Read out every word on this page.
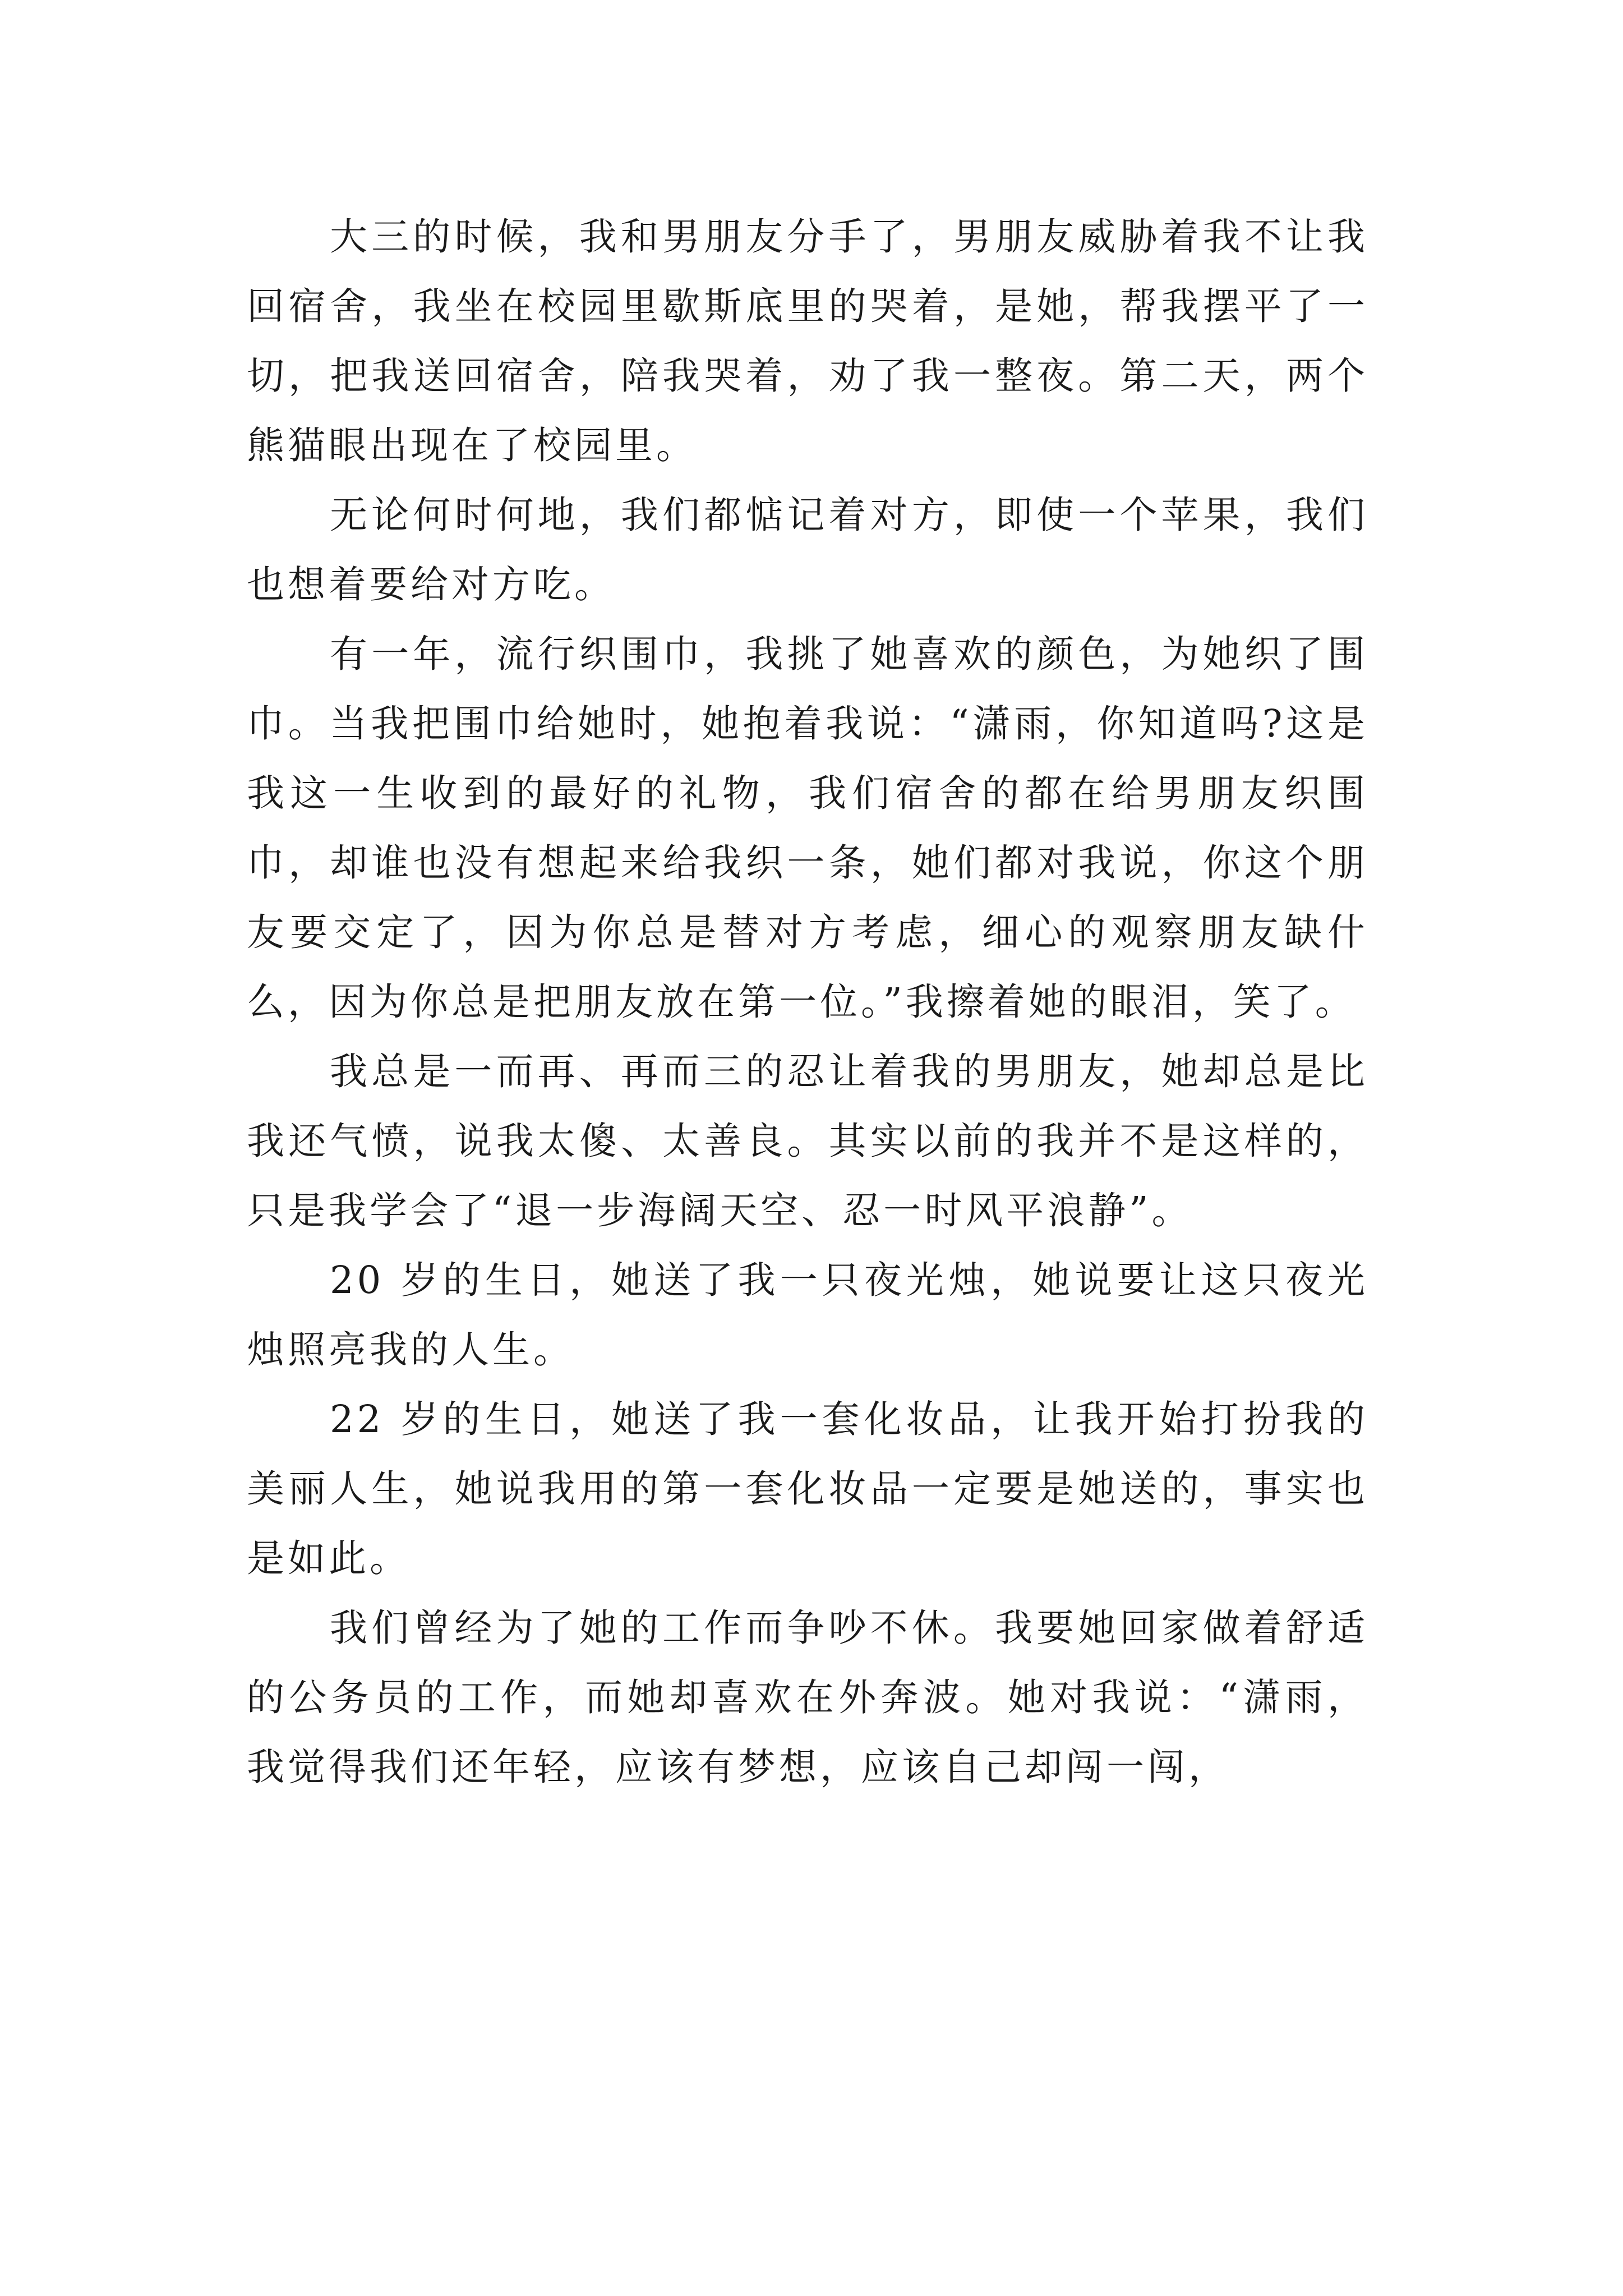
大三的时候，我和男朋友分手了，男朋友威胁着我不让我回宿舍，我坐在校园里歇斯底里的哭着，是她，帮我摆平了一切，把我送回宿舍，陪我哭着，劝了我一整夜。第二天，两个熊猫眼出现在了校园里。

无论何时何地，我们都惦记着对方，即使一个苹果，我们也想着要给对方吃。

有一年，流行织围巾，我挑了她喜欢的颜色，为她织了围巾。当我把围巾给她时，她抱着我说：“潇雨，你知道吗?这是我这一生收到的最好的礼物，我们宿舍的都在给男朋友织围巾，却谁也没有想起来给我织一条，她们都对我说，你这个朋友要交定了，因为你总是替对方考虑，细心的观察朋友缺什么，因为你总是把朋友放在第一位。”我擦着她的眼泪，笑了。

我总是一而再、再而三的忍让着我的男朋友，她却总是比我还气愤，说我太傻、太善良。其实以前的我并不是这样的，只是我学会了“退一步海阔天空、忍一时风平浪静”。

20 岁的生日，她送了我一只夜光烛，她说要让这只夜光烛照亮我的人生。

22 岁的生日，她送了我一套化妆品，让我开始打扮我的美丽人生，她说我用的第一套化妆品一定要是她送的，事实也是如此。

我们曾经为了她的工作而争吵不休。我要她回家做着舒适的公务员的工作，而她却喜欢在外奔波。她对我说：“潇雨，我觉得我们还年轻，应该有梦想，应该自己却闯一闯，
